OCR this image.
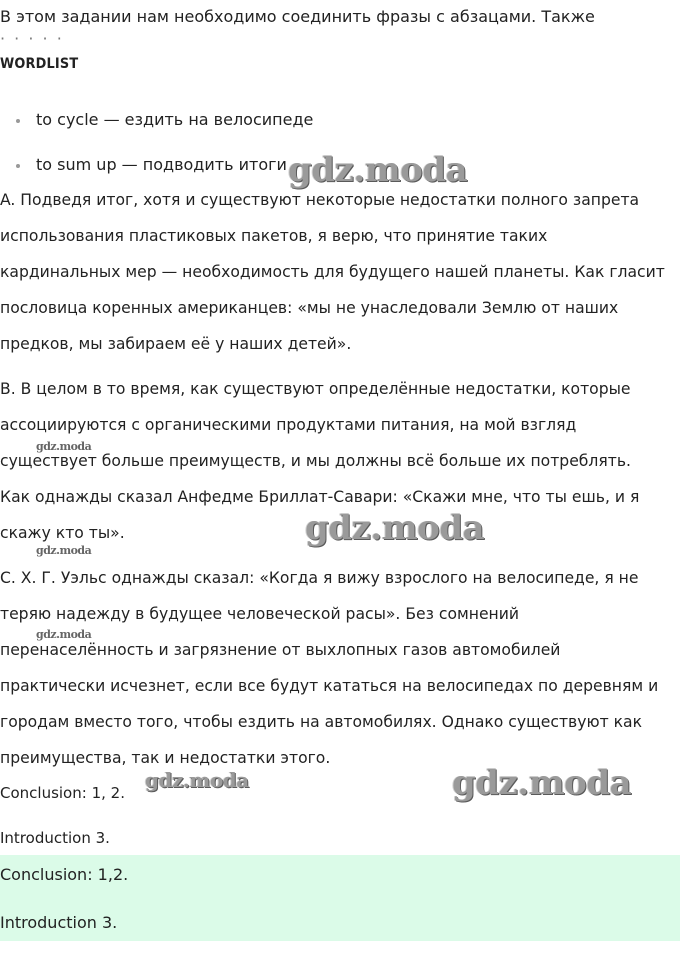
В этом задании нам необходимо соединить фразы с абзацами. Также
· · · · ·
WORDLIST
to cycle — ездить на велосипеде
to sum up — подводить итоги
A. Подведя итог, хотя и существуют некоторые недостатки полного запрета
использования пластиковых пакетов, я верю, что принятие таких
кардинальных мер — необходимость для будущего нашей планеты. Как гласит
пословица коренных американцев: «мы не унаследовали Землю от наших
предков, мы забираем её у наших детей».
B. В целом в то время, как существуют определённые недостатки, которые
ассоциируются с органическими продуктами питания, на мой взгляд
существует больше преимуществ, и мы должны всё больше их потреблять.
Как однажды сказал Анфедме Бриллат-Савари: «Скажи мне, что ты ешь, и я
скажу кто ты».
C. Х. Г. Уэльс однажды сказал: «Когда я вижу взрослого на велосипеде, я не
теряю надежду в будущее человеческой расы». Без сомнений
перенаселённость и загрязнение от выхлопных газов автомобилей
практически исчезнет, если все будут кататься на велосипедах по деревням и
городам вместо того, чтобы ездить на автомобилях. Однако существуют как
преимущества, так и недостатки этого.
Conclusion: 1, 2.
Introduction 3.
Conclusion: 1,2.
Introduction 3.
gdz.moda
gdz.moda
gdz.moda
gdz.moda
gdz.moda
gdz.moda	gdz.moda
